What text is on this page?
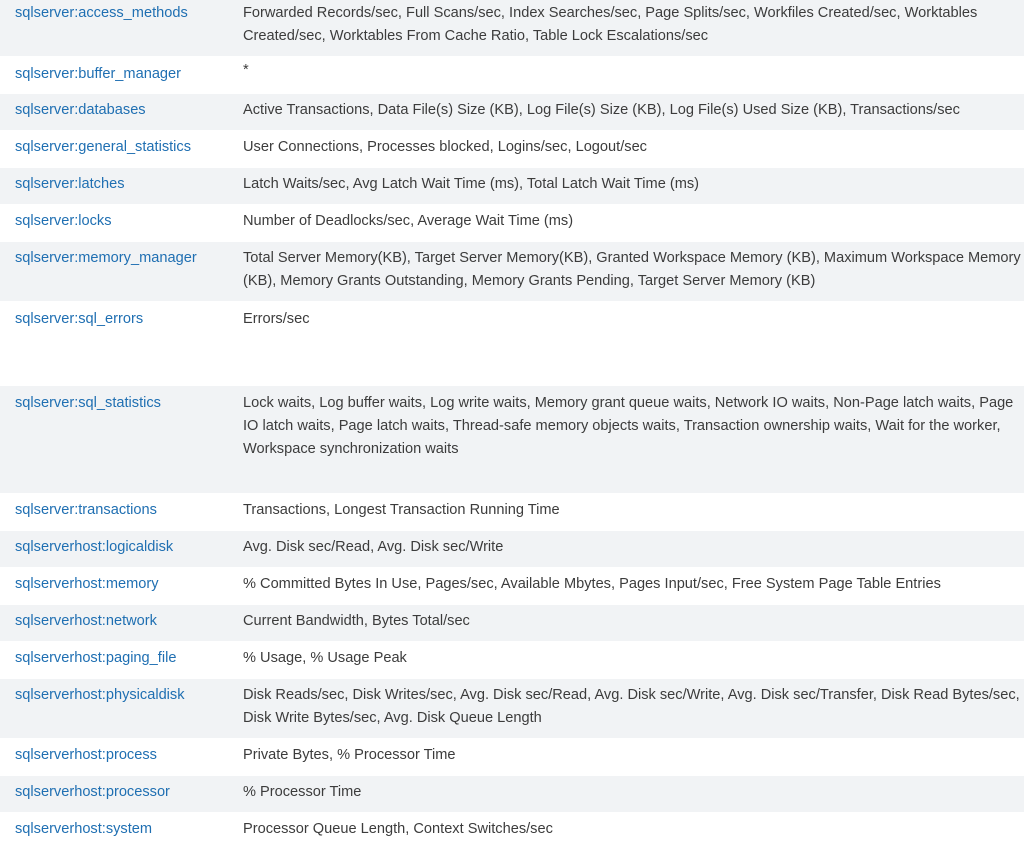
sqlserver:access_methods	Forwarded Records/sec, Full Scans/sec, Index Searches/sec, Page Splits/sec, Workfiles Created/sec, Worktables Created/sec, Worktables From Cache Ratio, Table Lock Escalations/sec
sqlserver:buffer_manager	*
sqlserver:databases	Active Transactions, Data File(s) Size (KB), Log File(s) Size (KB), Log File(s) Used Size (KB), Transactions/sec
sqlserver:general_statistics	User Connections, Processes blocked, Logins/sec, Logout/sec
sqlserver:latches	Latch Waits/sec, Avg Latch Wait Time (ms), Total Latch Wait Time (ms)
sqlserver:locks	Number of Deadlocks/sec, Average Wait Time (ms)
sqlserver:memory_manager	Total Server Memory(KB), Target Server Memory(KB), Granted Workspace Memory (KB), Maximum Workspace Memory (KB), Memory Grants Outstanding, Memory Grants Pending, Target Server Memory (KB)
sqlserver:sql_errors	Errors/sec
sqlserver:sql_statistics	Lock waits, Log buffer waits, Log write waits, Memory grant queue waits, Network IO waits, Non-Page latch waits, Page IO latch waits, Page latch waits, Thread-safe memory objects waits, Transaction ownership waits, Wait for the worker, Workspace synchronization waits
sqlserver:transactions	Transactions, Longest Transaction Running Time
sqlserverhost:logicaldisk	Avg. Disk sec/Read, Avg. Disk sec/Write
sqlserverhost:memory	% Committed Bytes In Use, Pages/sec, Available Mbytes, Pages Input/sec, Free System Page Table Entries
sqlserverhost:network	Current Bandwidth, Bytes Total/sec
sqlserverhost:paging_file	% Usage, % Usage Peak
sqlserverhost:physicaldisk	Disk Reads/sec, Disk Writes/sec, Avg. Disk sec/Read, Avg. Disk sec/Write, Avg. Disk sec/Transfer, Disk Read Bytes/sec, Disk Write Bytes/sec, Avg. Disk Queue Length
sqlserverhost:process	Private Bytes, % Processor Time
sqlserverhost:processor	% Processor Time
sqlserverhost:system	Processor Queue Length, Context Switches/sec
